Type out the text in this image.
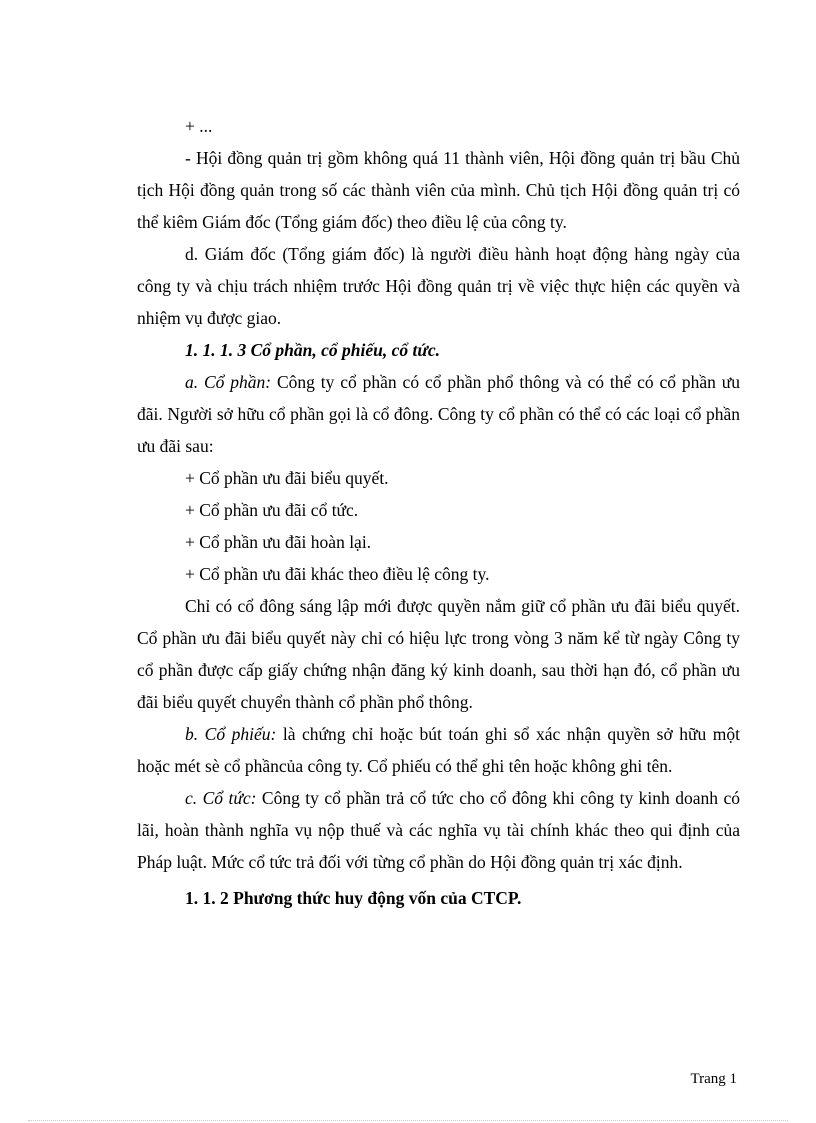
+ ...

- Hội đồng quản trị gồm không quá 11 thành viên, Hội đồng quản trị bầu Chủ tịch Hội đồng quản trong số các thành viên của mình. Chủ tịch Hội đồng quản trị có thể kiêm Giám đốc (Tổng giám đốc) theo điều lệ của công ty.

d. Giám đốc (Tổng giám đốc) là người điều hành hoạt động hàng ngày của công ty và chịu trách nhiệm trước Hội đồng quản trị về việc thực hiện các quyền và nhiệm vụ được giao.

1. 1. 1. 3 Cổ phần, cổ phiếu, cổ tức.

a. Cổ phần: Công ty cổ phần có cổ phần phổ thông và có thể có cổ phần ưu đãi. Người sở hữu cổ phần gọi là cổ đông. Công ty cổ phần có thể có các loại cổ phần ưu đãi sau:

+ Cổ phần ưu đãi biểu quyết.

+ Cổ phần ưu đãi cổ tức.

+ Cổ phần ưu đãi hoàn lại.

+ Cổ phần ưu đãi khác theo điều lệ công ty.

Chỉ có cổ đông sáng lập mới được quyền nắm giữ cổ phần ưu đãi biểu quyết. Cổ phần ưu đãi biểu quyết này chỉ có hiệu lực trong vòng 3 năm kể từ ngày Công ty cổ phần được cấp giấy chứng nhận đăng ký kinh doanh, sau thời hạn đó, cổ phần ưu đãi biểu quyết chuyển thành cổ phần phổ thông.

b. Cổ phiếu: là chứng chỉ hoặc bút toán ghi sổ xác nhận quyền sở hữu một hoặc mét sè cổ phầncủa công ty. Cổ phiếu có thể ghi tên hoặc không ghi tên.

c. Cổ tức: Công ty cổ phần trả cổ tức cho cổ đông khi công ty kinh doanh có lãi, hoàn thành nghĩa vụ nộp thuế và các nghĩa vụ tài chính khác theo qui định của Pháp luật. Mức cổ tức trả đối với từng cổ phần do Hội đồng quản trị xác định.

1. 1. 2 Phương thức huy động vốn của CTCP.

Trang 1
